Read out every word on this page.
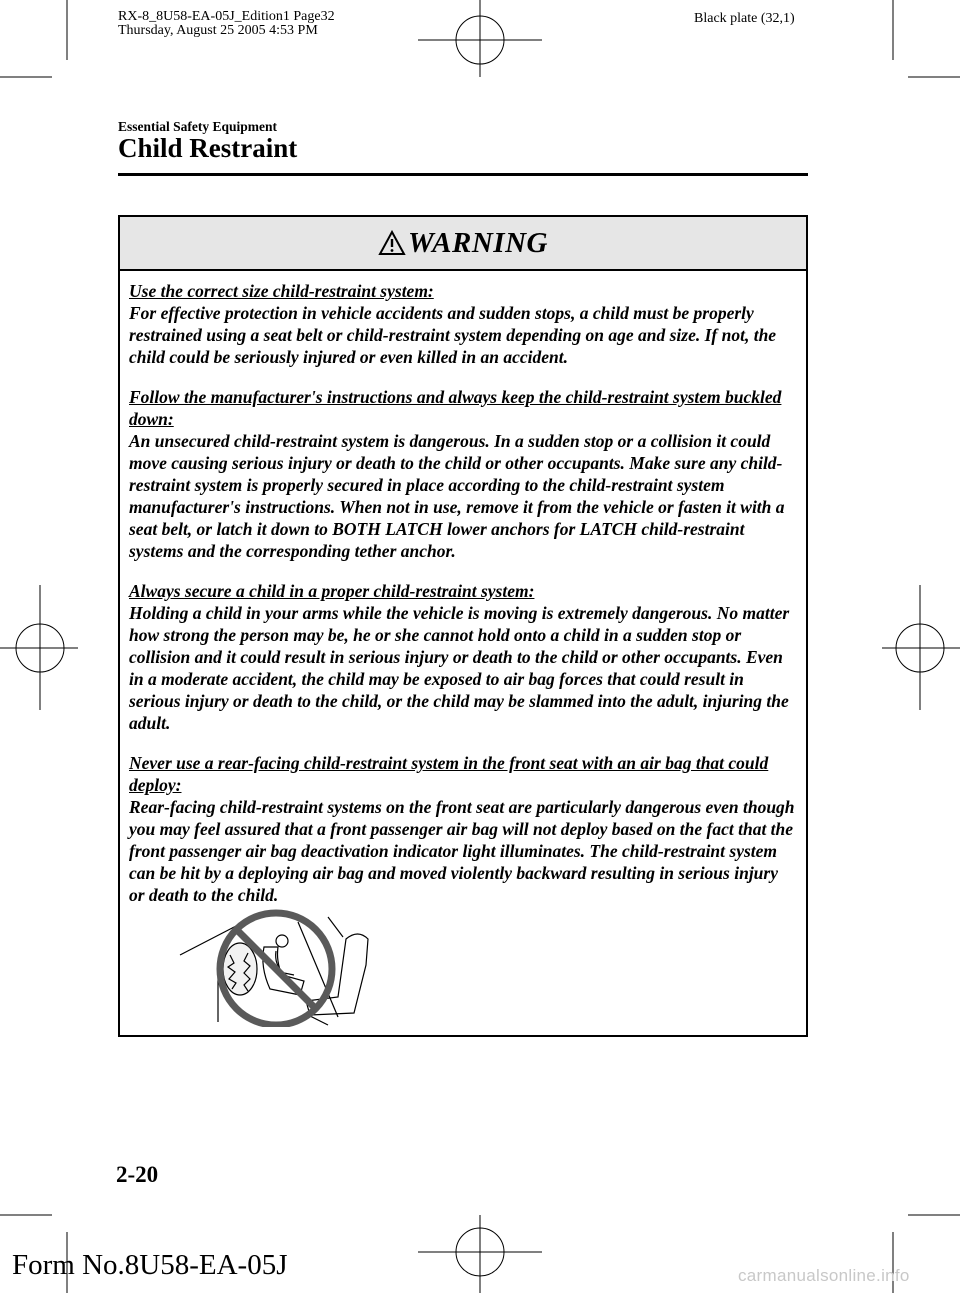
RX-8_8U58-EA-05J_Edition1 Page32
Thursday, August 25 2005 4:53 PM
Black plate (32,1)
Essential Safety Equipment
Child Restraint
WARNING
Use the correct size child-restraint system:
For effective protection in vehicle accidents and sudden stops, a child must be properly restrained using a seat belt or child-restraint system depending on age and size. If not, the child could be seriously injured or even killed in an accident.
Follow the manufacturer's instructions and always keep the child-restraint system buckled down:
An unsecured child-restraint system is dangerous. In a sudden stop or a collision it could move causing serious injury or death to the child or other occupants. Make sure any child-restraint system is properly secured in place according to the child-restraint system manufacturer's instructions. When not in use, remove it from the vehicle or fasten it with a seat belt, or latch it down to BOTH LATCH lower anchors for LATCH child-restraint systems and the corresponding tether anchor.
Always secure a child in a proper child-restraint system:
Holding a child in your arms while the vehicle is moving is extremely dangerous. No matter how strong the person may be, he or she cannot hold onto a child in a sudden stop or collision and it could result in serious injury or death to the child or other occupants. Even in a moderate accident, the child may be exposed to air bag forces that could result in serious injury or death to the child, or the child may be slammed into the adult, injuring the adult.
Never use a rear-facing child-restraint system in the front seat with an air bag that could deploy:
Rear-facing child-restraint systems on the front seat are particularly dangerous even though you may feel assured that a front passenger air bag will not deploy based on the fact that the front passenger air bag deactivation indicator light illuminates. The child-restraint system can be hit by a deploying air bag and moved violently backward resulting in serious injury or death to the child.
2-20
Form No.8U58-EA-05J	carmanualsonline.info
